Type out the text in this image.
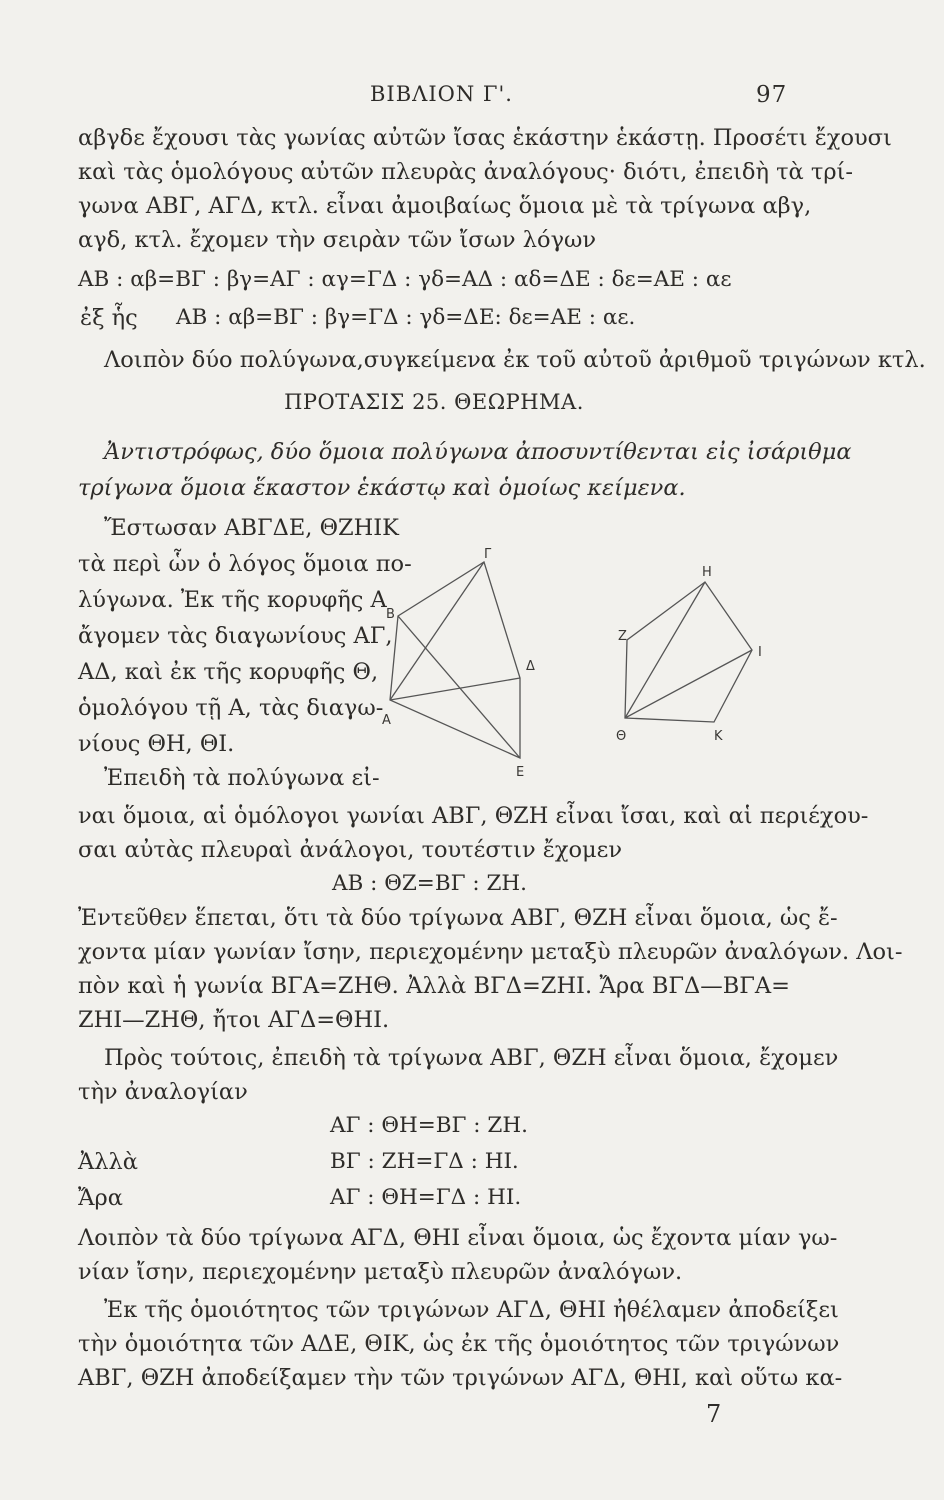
ΒΙΒΛΙΟΝ Γ'.	97
αβγδε ἔχουσι τὰς γωνίας αὐτῶν ἴσας ἑκάστην ἑκάστῃ. Προσέτι ἔχουσι
καὶ τὰς ὁμολόγους αὐτῶν πλευρὰς ἀναλόγους· διότι, ἐπειδὴ τὰ τρί-
γωνα ΑΒΓ, ΑΓΔ, κτλ. εἶναι ἀμοιβαίως ὅμοια μὲ τὰ τρίγωνα αβγ,
αγδ, κτλ. ἔχομεν τὴν σειρὰν τῶν ἴσων λόγων
ΑΒ : αβ=ΒΓ : βγ=ΑΓ : αγ=ΓΔ : γδ=ΑΔ : αδ=ΔΕ : δε=ΑΕ : αε
ἐξ ἧς ΑΒ : αβ=ΒΓ : βγ=ΓΔ : γδ=ΔΕ: δε=ΑΕ : αε.
Λοιπὸν δύο πολύγωνα,συγκείμενα ἐκ τοῦ αὐτοῦ ἀριθμοῦ τριγώνων κτλ.
ΠΡΟΤΑΣΙΣ 25. ΘΕΩΡΗΜΑ.
Ἀντιστρόφως, δύο ὅμοια πολύγωνα ἀποσυντίθενται εἰς ἰσάριθμα
τρίγωνα ὅμοια ἕκαστον ἑκάστῳ καὶ ὁμοίως κείμενα.
Ἔστωσαν ΑΒΓΔΕ, ΘΖΗΙΚ
τὰ περὶ ὧν ὁ λόγος ὅμοια πο-
λύγωνα. Ἐκ τῆς κορυφῆς Α
ἄγομεν τὰς διαγωνίους ΑΓ,
ΑΔ, καὶ ἐκ τῆς κορυφῆς Θ,
ὁμολόγου τῇ Α, τὰς διαγω-
νίους ΘΗ, ΘΙ.
Ἐπειδὴ τὰ πολύγωνα εἰ-
Α
Β
Γ
Δ
Ε
Θ
Ζ
Η
Ι
Κ
ναι ὅμοια, αἱ ὁμόλογοι γωνίαι ΑΒΓ, ΘΖΗ εἶναι ἴσαι, καὶ αἱ περιέχου-
σαι αὐτὰς πλευραὶ ἀνάλογοι, τουτέστιν ἔχομεν
ΑΒ : ΘΖ=ΒΓ : ΖΗ.
Ἐντεῦθεν ἕπεται, ὅτι τὰ δύο τρίγωνα ΑΒΓ, ΘΖΗ εἶναι ὅμοια, ὡς ἔ-
χοντα μίαν γωνίαν ἴσην, περιεχομένην μεταξὺ πλευρῶν ἀναλόγων. Λοι-
πὸν καὶ ἡ γωνία ΒΓΑ=ΖΗΘ. Ἀλλὰ ΒΓΔ=ΖΗΙ. Ἄρα ΒΓΔ—ΒΓΑ=
ΖΗΙ—ΖΗΘ, ἤτοι ΑΓΔ=ΘΗΙ.
Πρὸς τούτοις, ἐπειδὴ τὰ τρίγωνα ΑΒΓ, ΘΖΗ εἶναι ὅμοια, ἔχομεν
τὴν ἀναλογίαν
ΑΓ : ΘΗ=ΒΓ : ΖΗ.
Ἀλλὰ	ΒΓ : ΖΗ=ΓΔ : ΗΙ.
Ἄρα	ΑΓ : ΘΗ=ΓΔ : ΗΙ.
Λοιπὸν τὰ δύο τρίγωνα ΑΓΔ, ΘΗΙ εἶναι ὅμοια, ὡς ἔχοντα μίαν γω-
νίαν ἴσην, περιεχομένην μεταξὺ πλευρῶν ἀναλόγων.
Ἐκ τῆς ὁμοιότητος τῶν τριγώνων ΑΓΔ, ΘΗΙ ἠθέλαμεν ἀποδείξει
τὴν ὁμοιότητα τῶν ΑΔΕ, ΘΙΚ, ὡς ἐκ τῆς ὁμοιότητος τῶν τριγώνων
ΑΒΓ, ΘΖΗ ἀποδείξαμεν τὴν τῶν τριγώνων ΑΓΔ, ΘΗΙ, καὶ οὕτω κα-
7
